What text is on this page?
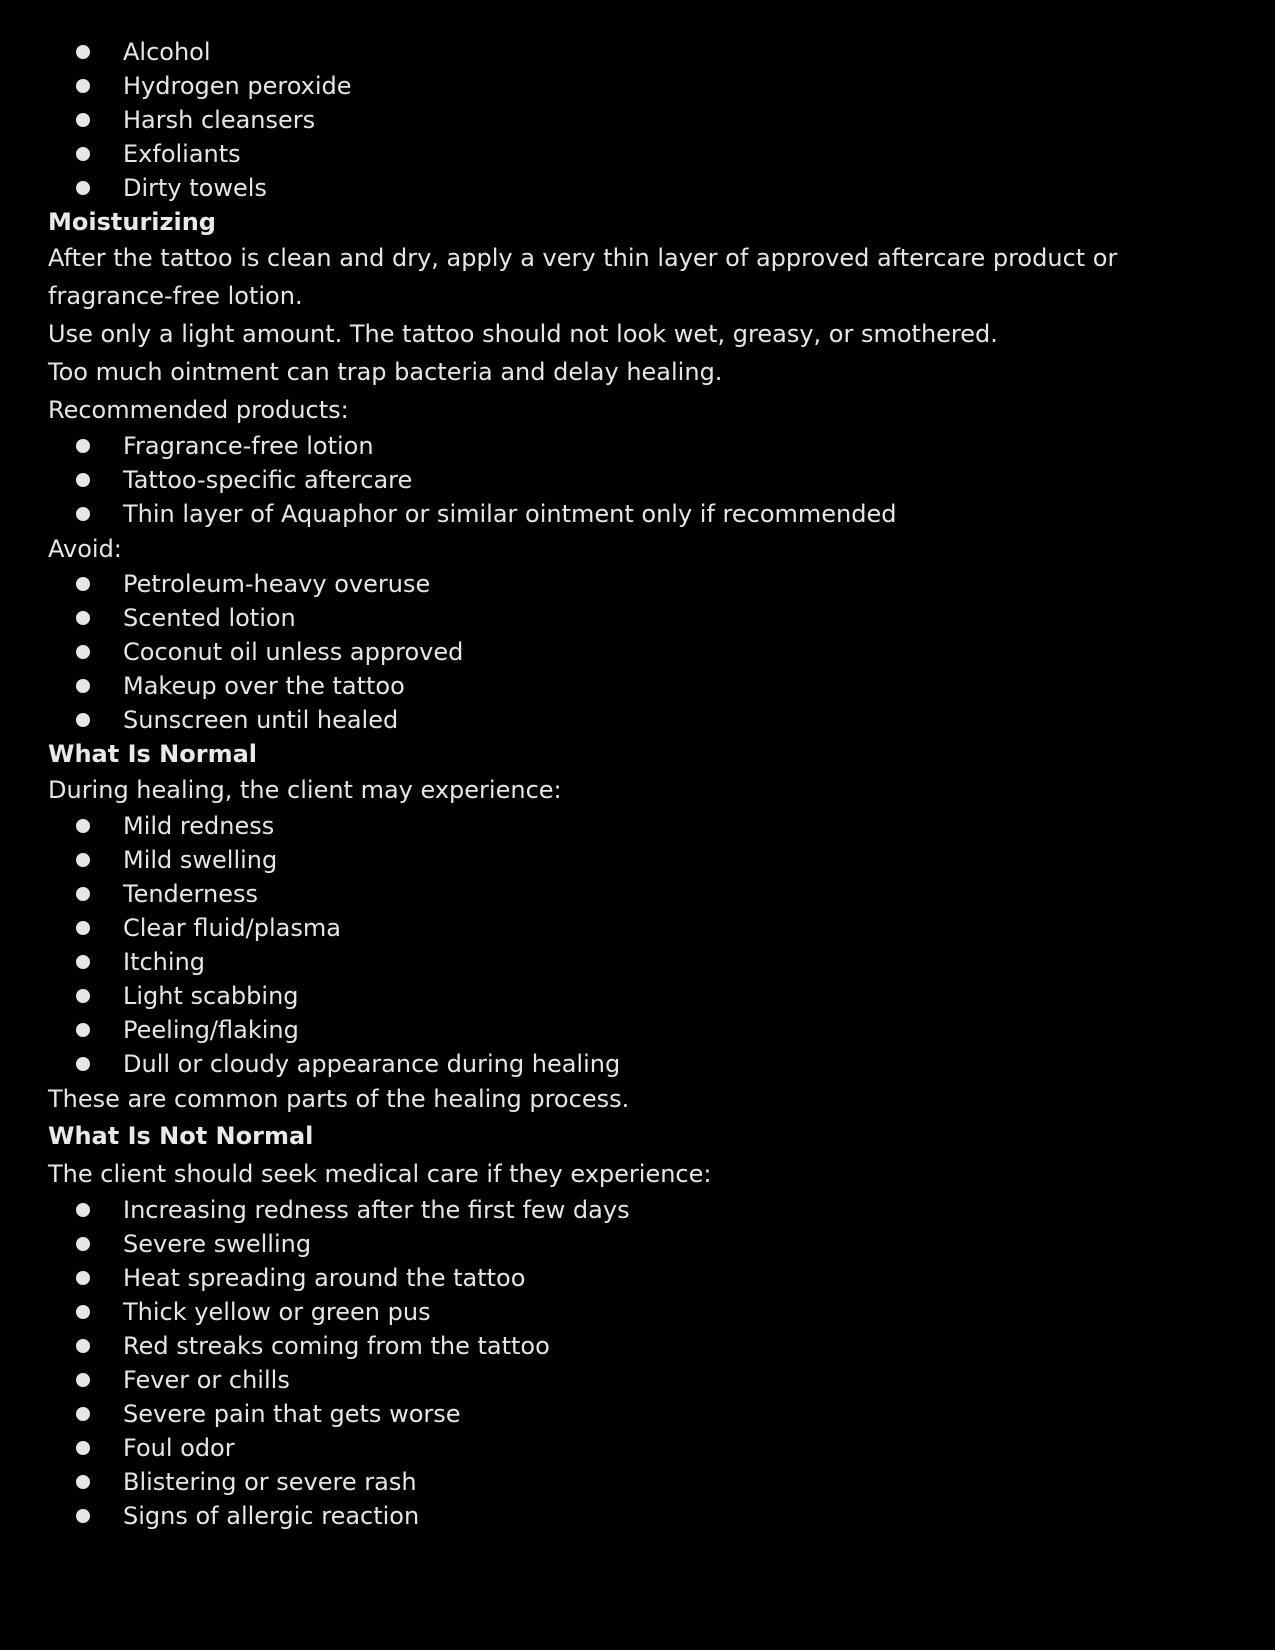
Alcohol
Hydrogen peroxide
Harsh cleansers
Exfoliants
Dirty towels
Moisturizing
After the tattoo is clean and dry, apply a very thin layer of approved aftercare product or fragrance-free lotion.
Use only a light amount. The tattoo should not look wet, greasy, or smothered.
Too much ointment can trap bacteria and delay healing.
Recommended products:
Fragrance-free lotion
Tattoo-specific aftercare
Thin layer of Aquaphor or similar ointment only if recommended
Avoid:
Petroleum-heavy overuse
Scented lotion
Coconut oil unless approved
Makeup over the tattoo
Sunscreen until healed
What Is Normal
During healing, the client may experience:
Mild redness
Mild swelling
Tenderness
Clear fluid/plasma
Itching
Light scabbing
Peeling/flaking
Dull or cloudy appearance during healing
These are common parts of the healing process.
What Is Not Normal
The client should seek medical care if they experience:
Increasing redness after the first few days
Severe swelling
Heat spreading around the tattoo
Thick yellow or green pus
Red streaks coming from the tattoo
Fever or chills
Severe pain that gets worse
Foul odor
Blistering or severe rash
Signs of allergic reaction
